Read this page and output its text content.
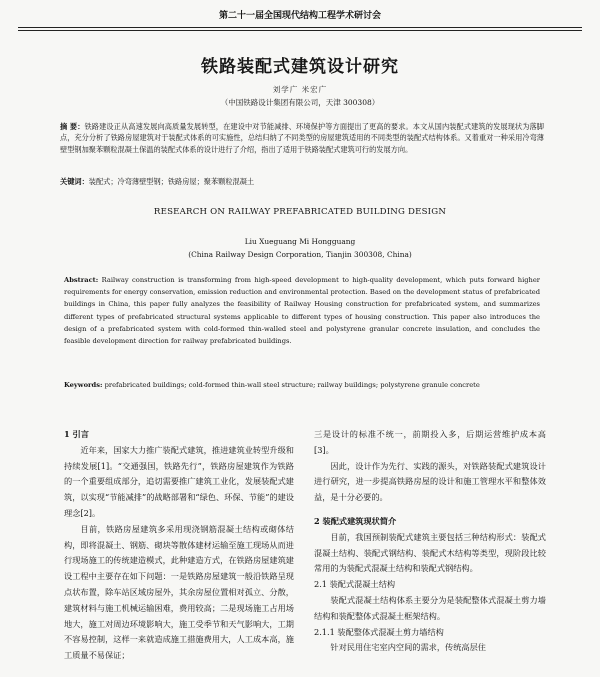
第二十一届全国现代结构工程学术研讨会
铁路装配式建筑设计研究
刘学广 米宏广
（中国铁路设计集团有限公司，天津 300308）
摘 要：铁路建设正从高速发展向高质量发展转型，在建设中对节能减排、环境保护等方面提出了更高的要求。本文从国内装配式建筑的发展现状为落脚点，充分分析了铁路房屋建筑对于装配式体系的可实施性，总结归纳了不同类型的房屋建筑适用的不同类型的装配式结构体系。又着重对一种采用冷弯薄壁型钢加聚苯颗粒混凝土保温的装配式体系的设计进行了介绍，指出了适用于铁路装配式建筑可行的发展方向。
关键词：装配式；冷弯薄壁型钢；铁路房屋；聚苯颗粒混凝土
RESEARCH ON RAILWAY PREFABRICATED BUILDING DESIGN
Liu Xueguang Mi Hongguang
(China Railway Design Corporation, Tianjin 300308, China)
Abstract: Railway construction is transforming from high-speed development to high-quality development, which puts forward higher requirements for energy conservation, emission reduction and environmental protection. Based on the development status of prefabricated buildings in China, this paper fully analyzes the feasibility of Railway Housing construction for prefabricated system, and summarizes different types of prefabricated structural systems applicable to different types of housing construction. This paper also introduces the design of a prefabricated system with cold-formed thin-walled steel and polystyrene granular concrete insulation, and concludes the feasible development direction for railway prefabricated buildings.
Keywords: prefabricated buildings; cold-formed thin-wall steel structure; railway buildings; polystyrene granule concrete

1 引言

近年来，国家大力推广装配式建筑，推进建筑业转型升级和持续发展[1]。“交通强国，铁路先行”，铁路房屋建筑作为铁路的一个重要组成部分，追切需要推广建筑工业化，发展装配式建筑，以实现“节能减排”的战略部署和“绿色、环保、节能”的建设理念[2]。

目前，铁路房屋建筑多采用现浇钢筋混凝土结构或砌体结构，即将混凝土、钢筋、砌块等散体建材运输至施工现场从而进行现场施工的传统建造模式，此种建造方式，在铁路房屋建筑建设工程中主要存在如下问题：一是铁路房屋建筑一般沿铁路呈现点状布置，除车站区域房屋外，其余房屋位置相对孤立、分散，建筑材料与施工机械运输困难，费用较高；二是现场施工占用场地大，施工对周边环境影响大，施工受季节和天气影响大，工期不容易控制，这样一来就造成施工措施费用大，人工成本高，施工质量不易保证；

三是设计的标准不统一，前期投入多，后期运营维护成本高[3]。

因此，设计作为先行、实践的源头，对铁路装配式建筑设计进行研究，进一步提高铁路房屋的设计和施工管理水平和整体效益，是十分必要的。

2 装配式建筑现状简介

目前，我国预制装配式建筑主要包括三种结构形式：装配式混凝土结构、装配式钢结构、装配式木结构等类型，现阶段比较常用的为装配式混凝土结构和装配式钢结构。

2.1 装配式混凝土结构

装配式混凝土结构体系主要分为是装配整体式混凝土剪力墙结构和装配整体式混凝土框架结构。

2.1.1 装配整体式混凝土剪力墙结构

针对民用住宅室内空间的需求，传统高层住
